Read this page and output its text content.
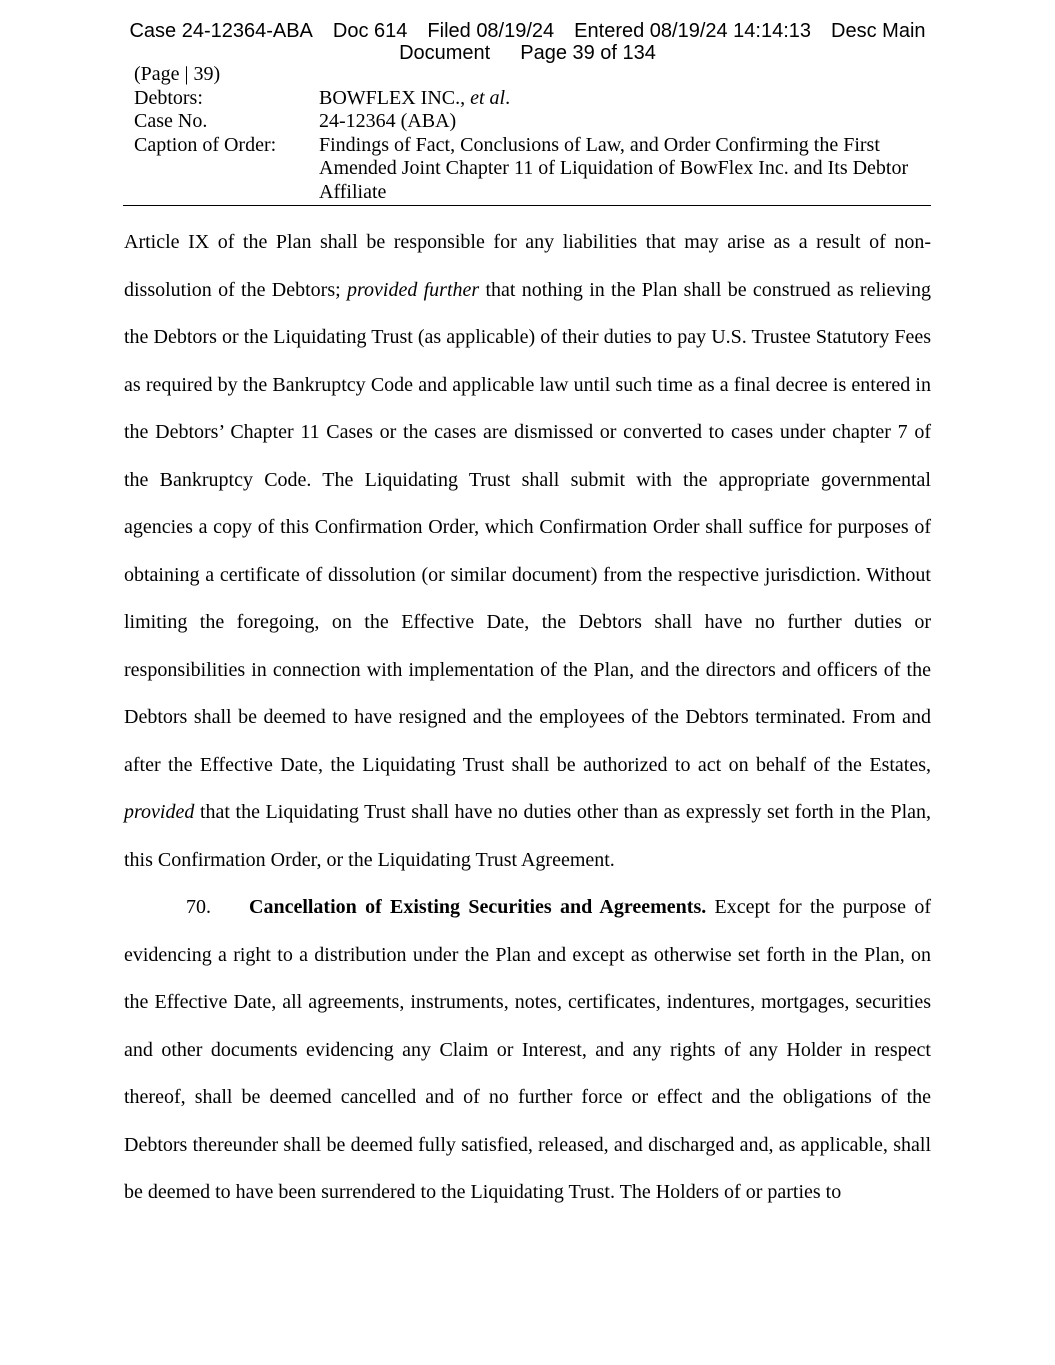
Case 24-12364-ABA Doc 614 Filed 08/19/24 Entered 08/19/24 14:14:13 Desc Main
Document Page 39 of 134
(Page | 39)
Debtors:	BOWFLEX INC., et al.
Case No.	24-12364 (ABA)
Caption of Order:	Findings of Fact, Conclusions of Law, and Order Confirming the First Amended Joint Chapter 11 of Liquidation of BowFlex Inc. and Its Debtor Affiliate

Article IX of the Plan shall be responsible for any liabilities that may arise as a result of non-dissolution of the Debtors; provided further that nothing in the Plan shall be construed as relieving the Debtors or the Liquidating Trust (as applicable) of their duties to pay U.S. Trustee Statutory Fees as required by the Bankruptcy Code and applicable law until such time as a final decree is entered in the Debtors’ Chapter 11 Cases or the cases are dismissed or converted to cases under chapter 7 of the Bankruptcy Code. The Liquidating Trust shall submit with the appropriate governmental agencies a copy of this Confirmation Order, which Confirmation Order shall suffice for purposes of obtaining a certificate of dissolution (or similar document) from the respective jurisdiction. Without limiting the foregoing, on the Effective Date, the Debtors shall have no further duties or responsibilities in connection with implementation of the Plan, and the directors and officers of the Debtors shall be deemed to have resigned and the employees of the Debtors terminated. From and after the Effective Date, the Liquidating Trust shall be authorized to act on behalf of the Estates, provided that the Liquidating Trust shall have no duties other than as expressly set forth in the Plan, this Confirmation Order, or the Liquidating Trust Agreement.

70. Cancellation of Existing Securities and Agreements. Except for the purpose of evidencing a right to a distribution under the Plan and except as otherwise set forth in the Plan, on the Effective Date, all agreements, instruments, notes, certificates, indentures, mortgages, securities and other documents evidencing any Claim or Interest, and any rights of any Holder in respect thereof, shall be deemed cancelled and of no further force or effect and the obligations of the Debtors thereunder shall be deemed fully satisfied, released, and discharged and, as applicable, shall be deemed to have been surrendered to the Liquidating Trust. The Holders of or parties to
